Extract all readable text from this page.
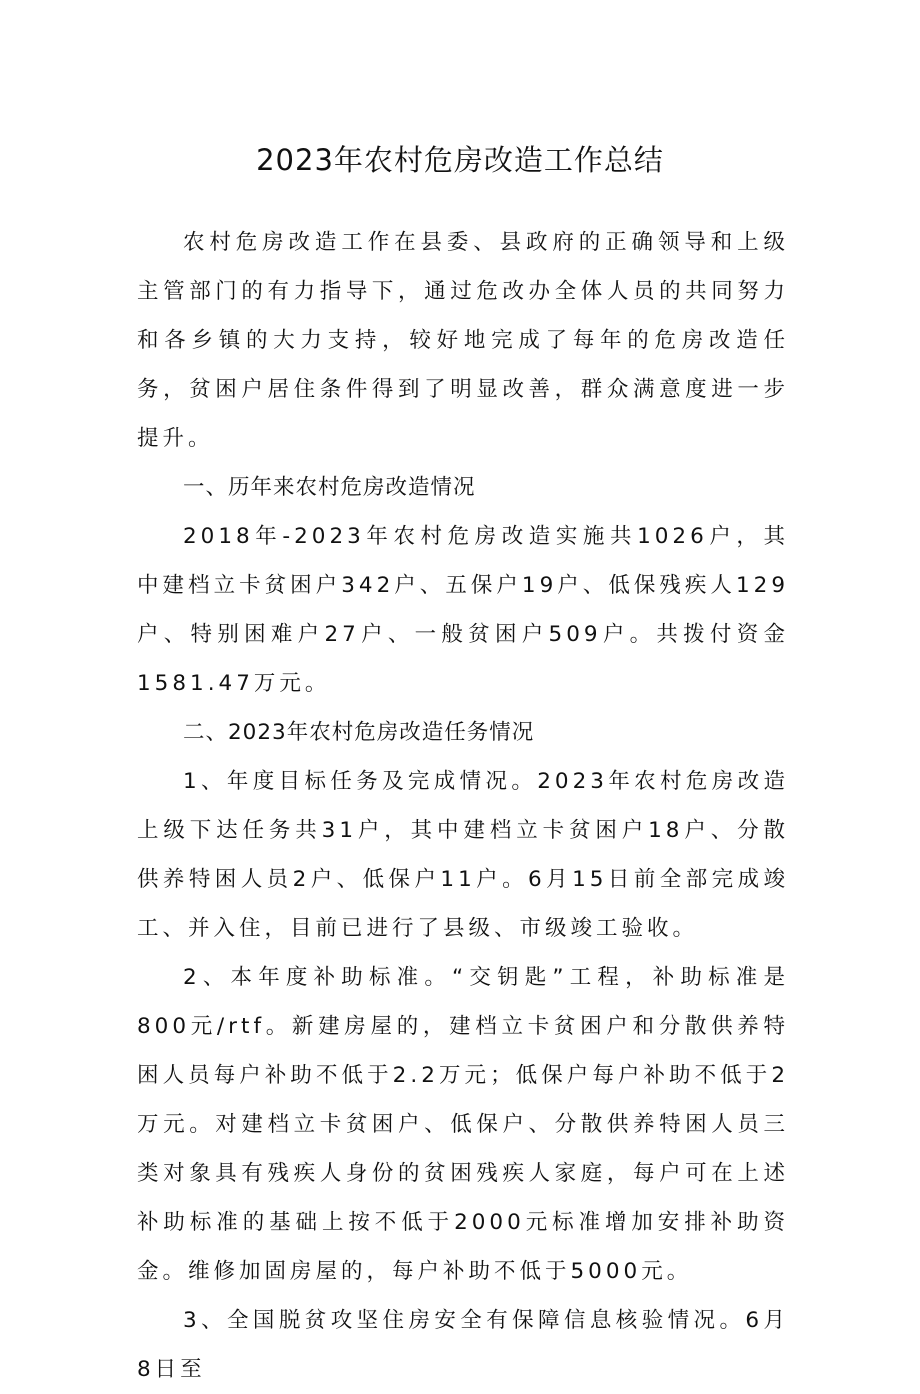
2023年农村危房改造工作总结

农村危房改造工作在县委、县政府的正确领导和上级主管部门的有力指导下，通过危改办全体人员的共同努力和各乡镇的大力支持，较好地完成了每年的危房改造任务，贫困户居住条件得到了明显改善，群众满意度进一步提升。

一、历年来农村危房改造情况

2018年-2023年农村危房改造实施共1026户，其中建档立卡贫困户342户、五保户19户、低保残疾人129户、特别困难户27户、一般贫困户509户。共拨付资金1581.47万元。

二、2023年农村危房改造任务情况

1、年度目标任务及完成情况。2023年农村危房改造上级下达任务共31户，其中建档立卡贫困户18户、分散供养特困人员2户、低保户11户。6月15日前全部完成竣工、并入住，目前已进行了县级、市级竣工验收。

2、本年度补助标准。“交钥匙”工程，补助标准是800元/rtf。新建房屋的，建档立卡贫困户和分散供养特困人员每户补助不低于2.2万元；低保户每户补助不低于2万元。对建档立卡贫困户、低保户、分散供养特困人员三类对象具有残疾人身份的贫困残疾人家庭，每户可在上述补助标准的基础上按不低于2000元标准增加安排补助资金。维修加固房屋的，每户补助不低于5000元。

3、全国脱贫攻坚住房安全有保障信息核验情况。6月8日至
